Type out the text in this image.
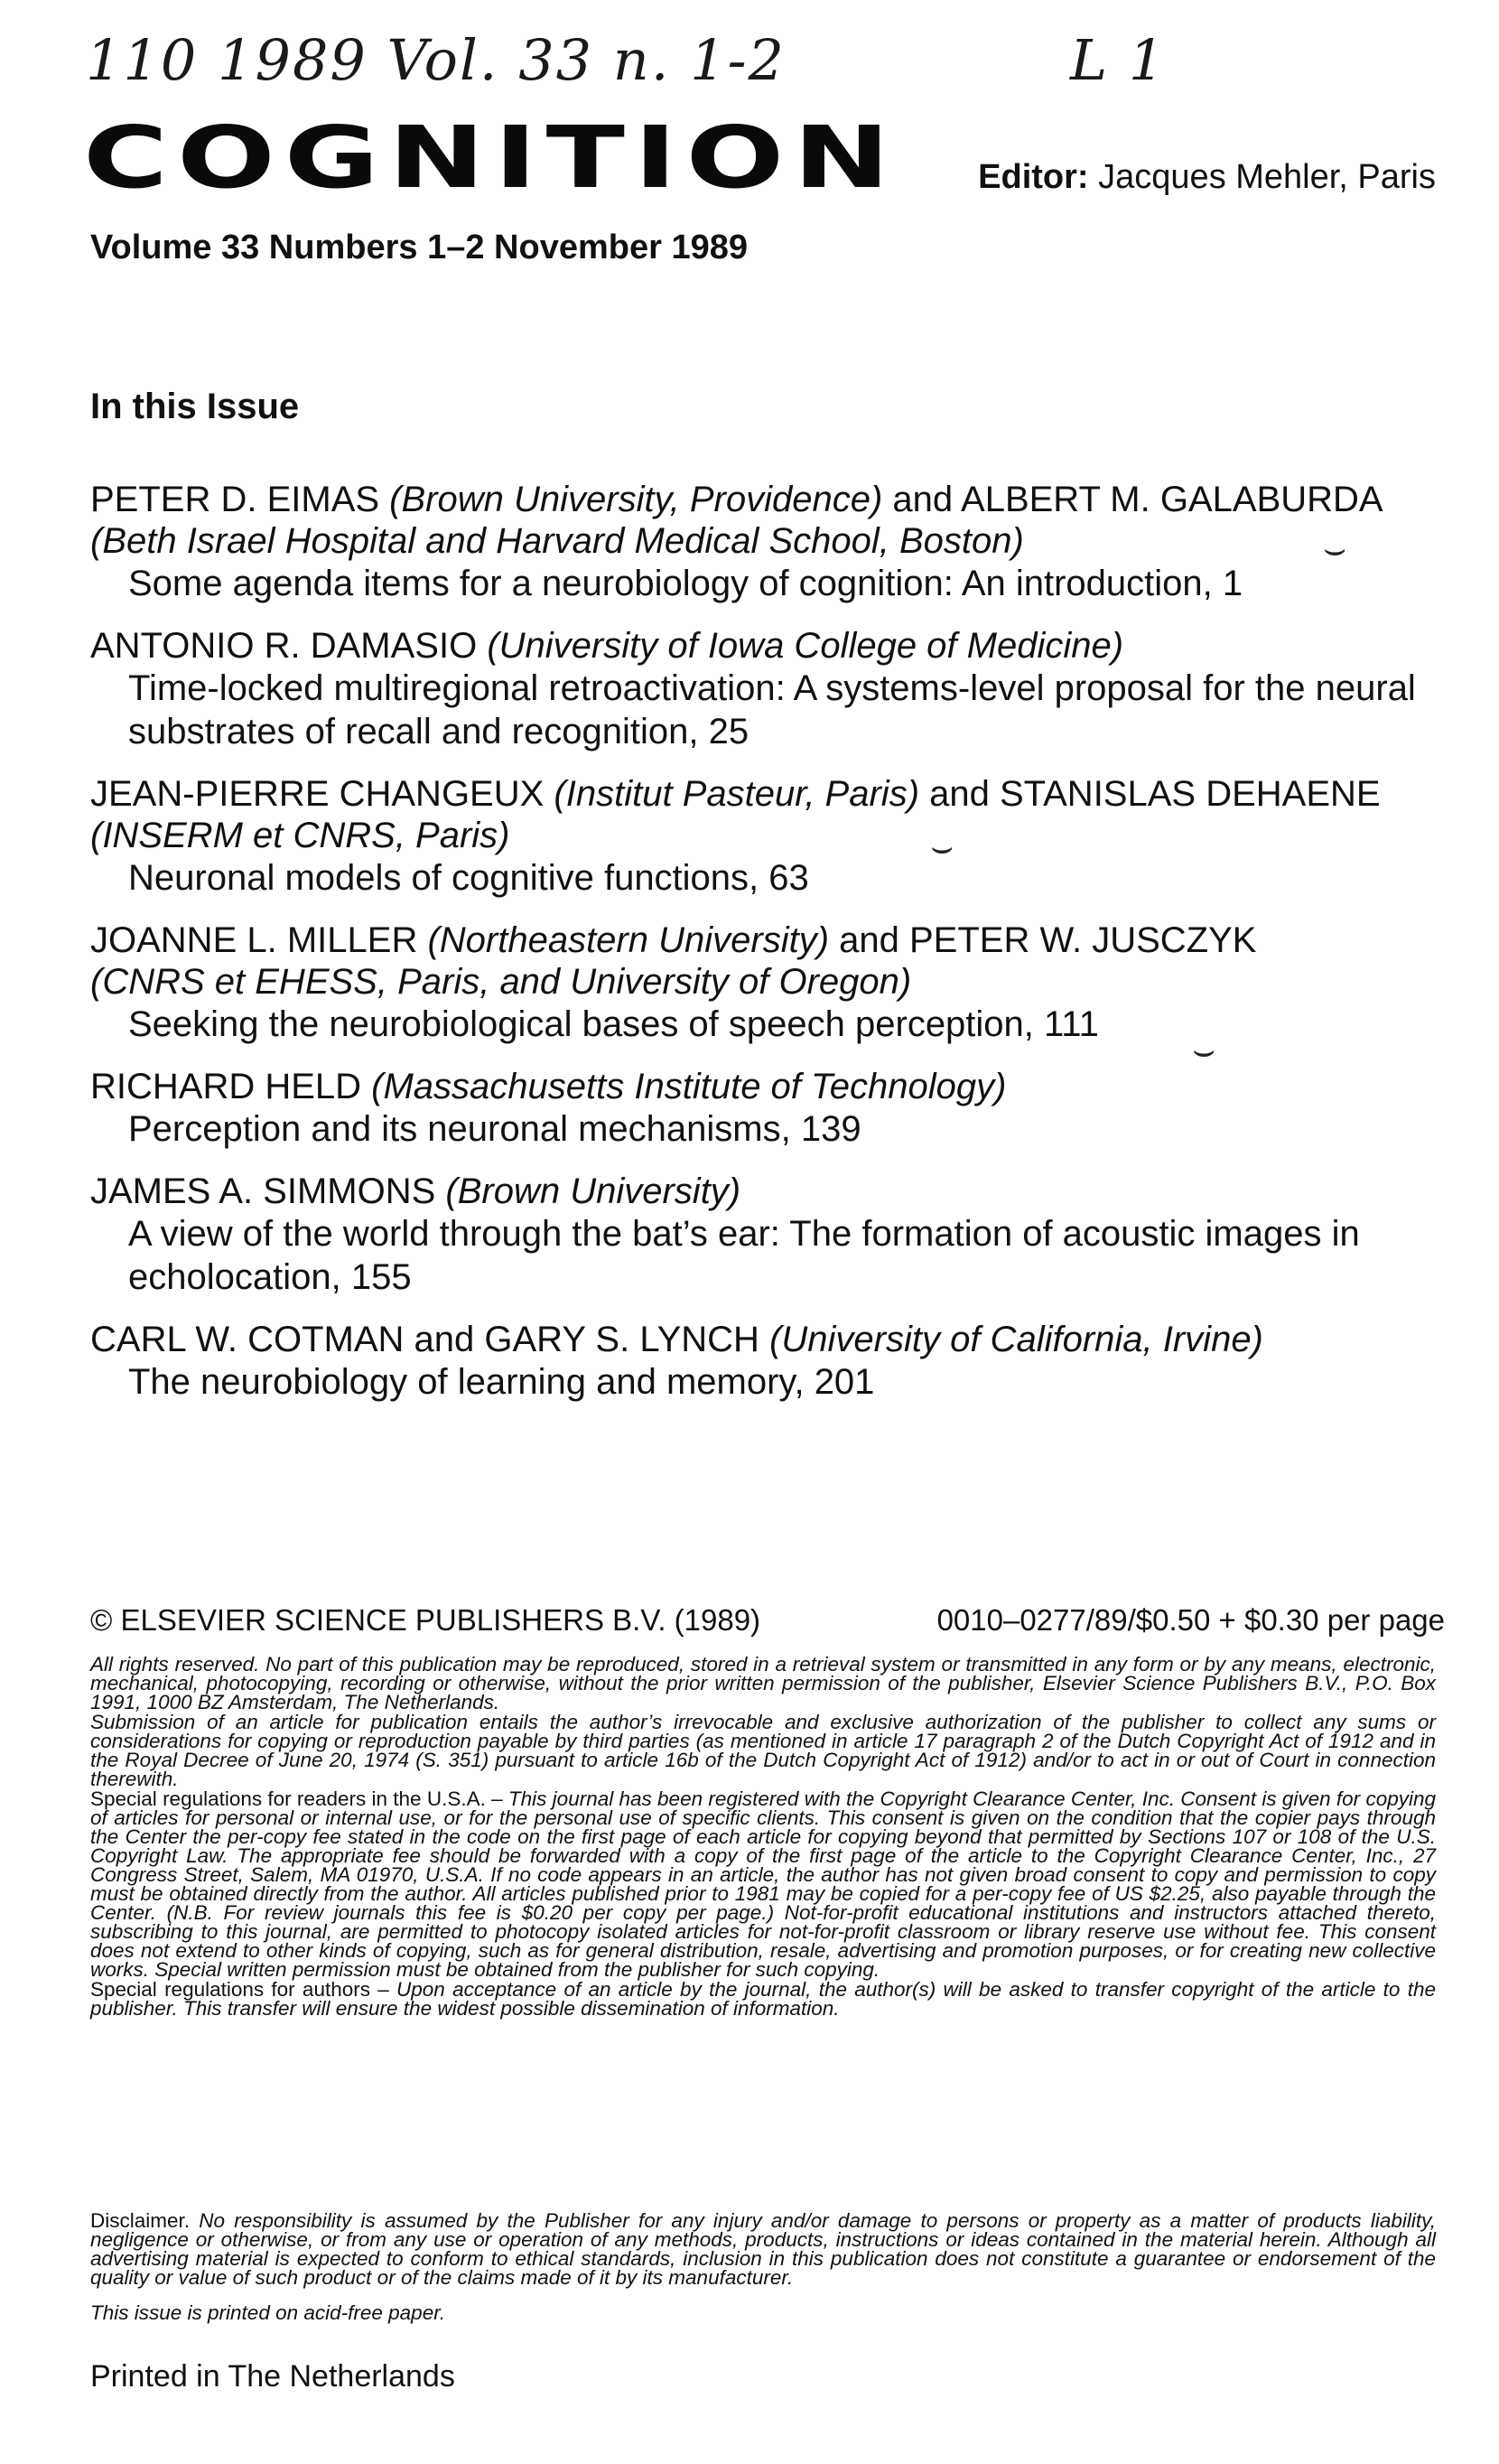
110 1989 Vol. 33 n. 1-2	L 1
COGNITION Editor: Jacques Mehler, Paris
Volume 33 Numbers 1–2 November 1989
In this Issue
PETER D. EIMAS (Brown University, Providence) and ALBERT M. GALABURDA
(Beth Israel Hospital and Harvard Medical School, Boston)
Some agenda items for a neurobiology of cognition: An introduction, 1
ANTONIO R. DAMASIO (University of Iowa College of Medicine)
Time-locked multiregional retroactivation: A systems-level proposal for the neural substrates of recall and recognition, 25
JEAN-PIERRE CHANGEUX (Institut Pasteur, Paris) and STANISLAS DEHAENE
(INSERM et CNRS, Paris)
Neuronal models of cognitive functions, 63
JOANNE L. MILLER (Northeastern University) and PETER W. JUSCZYK
(CNRS et EHESS, Paris, and University of Oregon)
Seeking the neurobiological bases of speech perception, 111
RICHARD HELD (Massachusetts Institute of Technology)
Perception and its neuronal mechanisms, 139
JAMES A. SIMMONS (Brown University)
A view of the world through the bat’s ear: The formation of acoustic images in echolocation, 155
CARL W. COTMAN and GARY S. LYNCH (University of California, Irvine)
The neurobiology of learning and memory, 201
⌣
⌣
⌣
© ELSEVIER SCIENCE PUBLISHERS B.V. (1989)	0010–0277/89/$0.50 + $0.30 per page

All rights reserved. No part of this publication may be reproduced, stored in a retrieval system or transmitted in any form or by any means, electronic, mechanical, photocopying, recording or otherwise, without the prior written permission of the publisher, Elsevier Science Publishers B.V., P.O. Box 1991, 1000 BZ Amsterdam, The Netherlands.

Submission of an article for publication entails the author’s irrevocable and exclusive authorization of the publisher to collect any sums or considerations for copying or reproduction payable by third parties (as mentioned in article 17 paragraph 2 of the Dutch Copyright Act of 1912 and in the Royal Decree of June 20, 1974 (S. 351) pursuant to article 16b of the Dutch Copyright Act of 1912) and/or to act in or out of Court in connection therewith.

Special regulations for readers in the U.S.A. – This journal has been registered with the Copyright Clearance Center, Inc. Consent is given for copying of articles for personal or internal use, or for the personal use of specific clients. This consent is given on the condition that the copier pays through the Center the per-copy fee stated in the code on the first page of each article for copying beyond that permitted by Sections 107 or 108 of the U.S. Copyright Law. The appropriate fee should be forwarded with a copy of the first page of the article to the Copyright Clearance Center, Inc., 27 Congress Street, Salem, MA 01970, U.S.A. If no code appears in an article, the author has not given broad consent to copy and permission to copy must be obtained directly from the author. All articles published prior to 1981 may be copied for a per-copy fee of US $2.25, also payable through the Center. (N.B. For review journals this fee is $0.20 per copy per page.) Not-for-profit educational institutions and instructors attached thereto, subscribing to this journal, are permitted to photocopy isolated articles for not-for-profit classroom or library reserve use without fee. This consent does not extend to other kinds of copying, such as for general distribution, resale, advertising and promotion purposes, or for creating new collective works. Special written permission must be obtained from the publisher for such copying.

Special regulations for authors – Upon acceptance of an article by the journal, the author(s) will be asked to transfer copyright of the article to the publisher. This transfer will ensure the widest possible dissemination of information.

Disclaimer. No responsibility is assumed by the Publisher for any injury and/or damage to persons or property as a matter of products liability, negligence or otherwise, or from any use or operation of any methods, products, instructions or ideas contained in the material herein. Although all advertising material is expected to conform to ethical standards, inclusion in this publication does not constitute a guarantee or endorsement of the quality or value of such product or of the claims made of it by its manufacturer.
This issue is printed on acid-free paper.
Printed in The Netherlands
